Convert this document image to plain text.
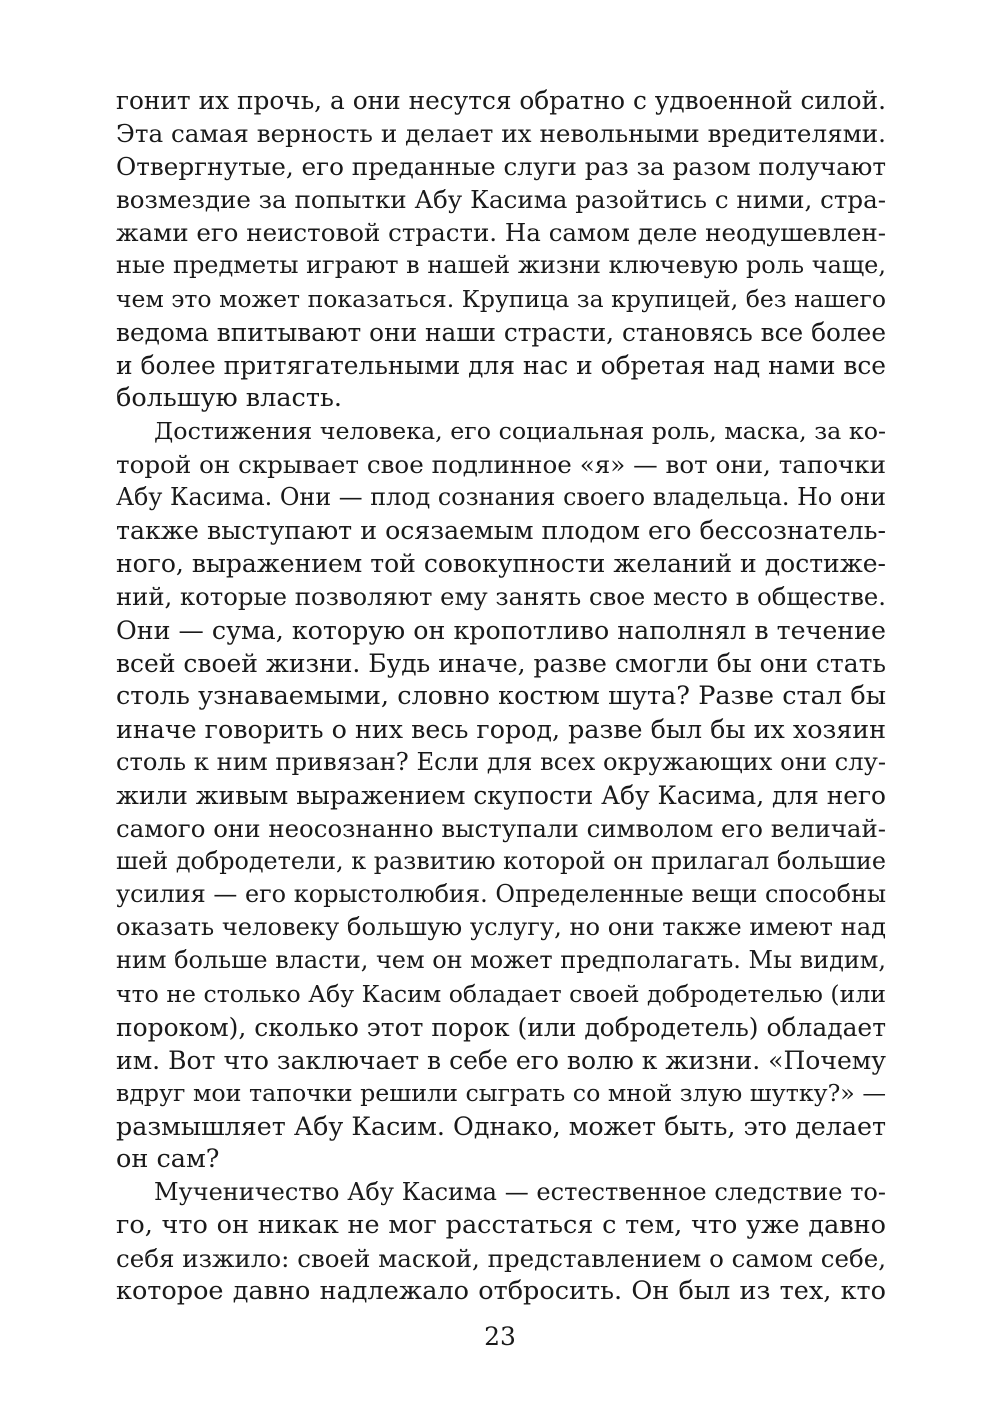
гонит их прочь, а они несутся обратно с удвоенной силой.
Эта самая верность и делает их невольными вредителями.
Отвергнутые, его преданные слуги раз за разом получают
возмездие за попытки Абу Касима разойтись с ними, стра-
жами его неистовой страсти. На самом деле неодушевлен-
ные предметы играют в нашей жизни ключевую роль чаще,
чем это может показаться. Крупица за крупицей, без нашего
ведома впитывают они наши страсти, становясь все более
и более притягательными для нас и обретая над нами все
большую власть.
Достижения человека, его социальная роль, маска, за ко-
торой он скрывает свое подлинное «я» — вот они, тапочки
Абу Касима. Они — плод сознания своего владельца. Но они
также выступают и осязаемым плодом его бессознатель-
ного, выражением той совокупности желаний и достиже-
ний, которые позволяют ему занять свое место в обществе.
Они — сума, которую он кропотливо наполнял в течение
всей своей жизни. Будь иначе, разве смогли бы они стать
столь узнаваемыми, словно костюм шута? Разве стал бы
иначе говорить о них весь город, разве был бы их хозяин
столь к ним привязан? Если для всех окружающих они слу-
жили живым выражением скупости Абу Касима, для него
самого они неосознанно выступали символом его величай-
шей добродетели, к развитию которой он прилагал большие
усилия — его корыстолюбия. Определенные вещи способны
оказать человеку большую услугу, но они также имеют над
ним больше власти, чем он может предполагать. Мы видим,
что не столько Абу Касим обладает своей добродетелью (или
пороком), сколько этот порок (или добродетель) обладает
им. Вот что заключает в себе его волю к жизни. «Почему
вдруг мои тапочки решили сыграть со мной злую шутку?» —
размышляет Абу Касим. Однако, может быть, это делает
он сам?
Мученичество Абу Касима — естественное следствие то-
го, что он никак не мог расстаться с тем, что уже давно
себя изжило: своей маской, представлением о самом себе,
которое давно надлежало отбросить. Он был из тех, кто
23
